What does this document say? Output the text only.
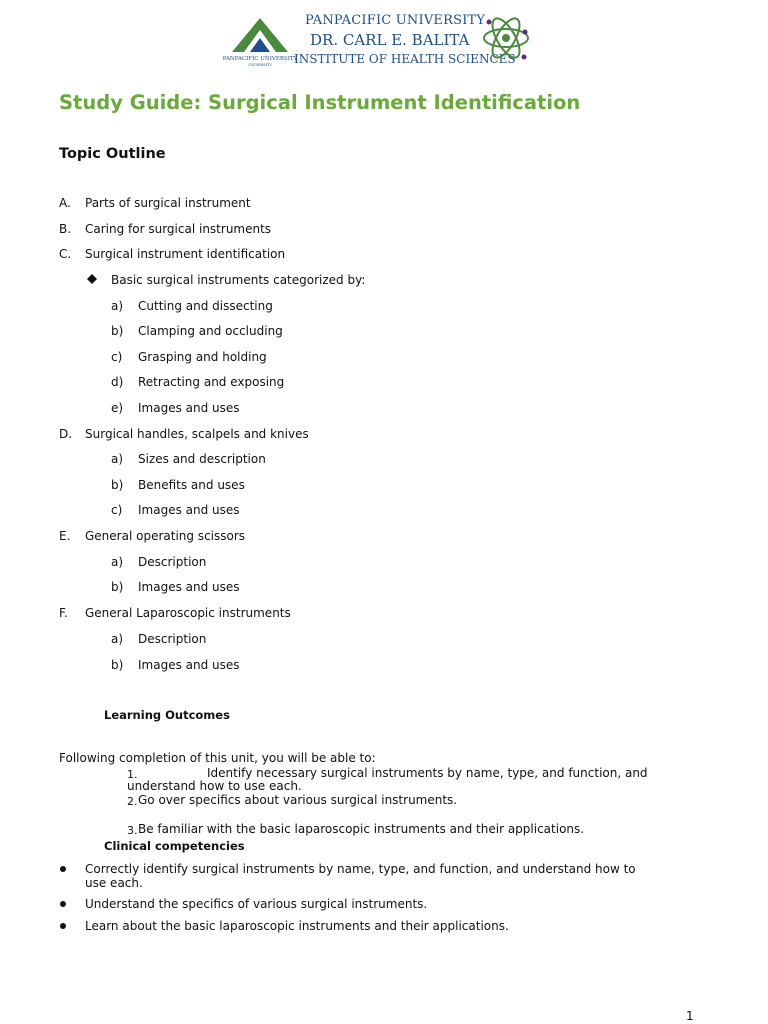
PANPACIFIC UNIVERSITY
UNIVERSITY
PANPACIFIC UNIVERSITY
DR. CARL E. BALITA
INSTITUTE OF HEALTH SCIENCES
Study Guide: Surgical Instrument Identification
Topic Outline
A. Parts of surgical instrument
B. Caring for surgical instruments
C. Surgical instrument identification
Basic surgical instruments categorized by:
a) Cutting and dissecting
b) Clamping and occluding
c) Grasping and holding
d) Retracting and exposing
e) Images and uses
D. Surgical handles, scalpels and knives
a) Sizes and description
b) Benefits and uses
c) Images and uses
E. General operating scissors
a) Description
b) Images and uses
F. General Laparoscopic instruments
a) Description
b) Images and uses
Learning Outcomes
Following completion of this unit, you will be able to:
1.	Identify necessary surgical instruments by name, type, and function, and
understand how to use each.
2. Go over specifics about various surgical instruments.
3. Be familiar with the basic laparoscopic instruments and their applications.
Clinical competencies
Correctly identify surgical instruments by name, type, and function, and understand how to use each.
Understand the specifics of various surgical instruments.
Learn about the basic laparoscopic instruments and their applications.
1
